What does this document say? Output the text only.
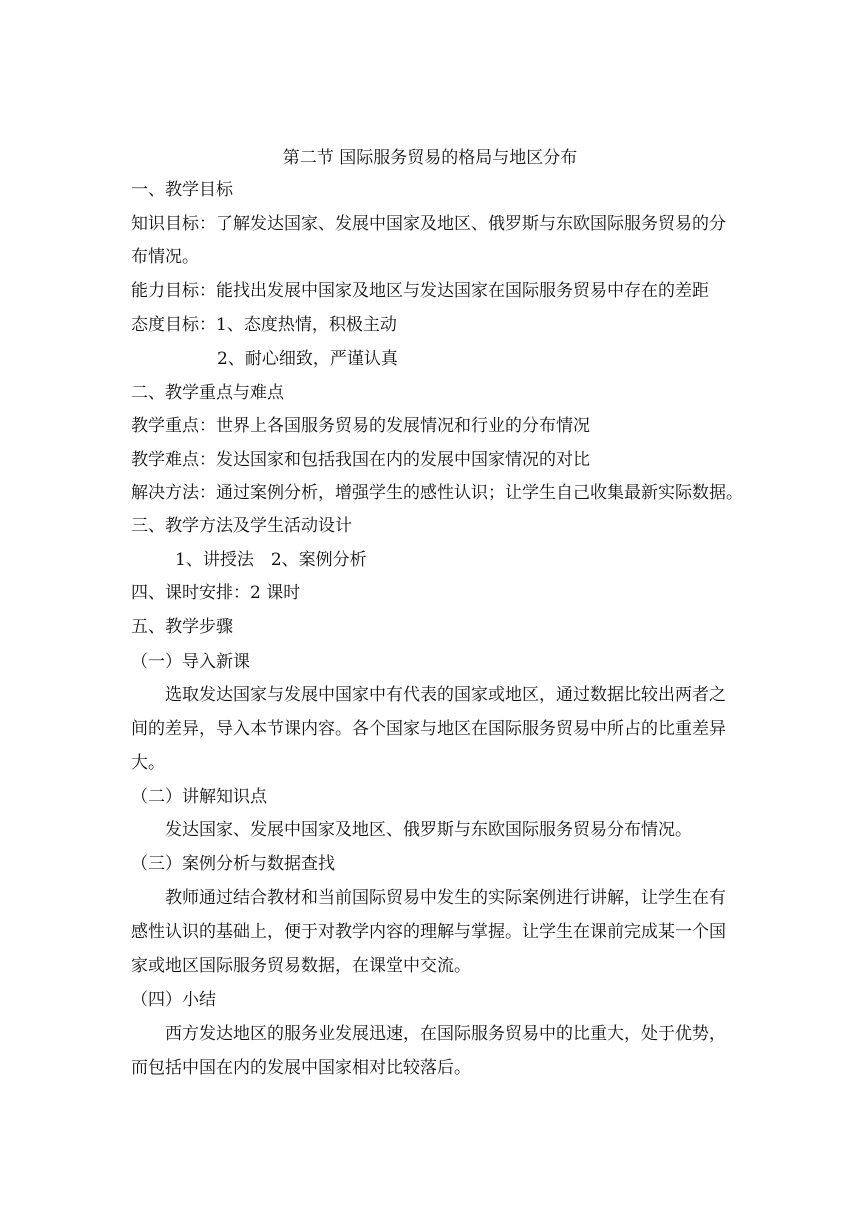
第二节 国际服务贸易的格局与地区分布
一、教学目标
知识目标：了解发达国家、发展中国家及地区、俄罗斯与东欧国际服务贸易的分
布情况。
能力目标：能找出发展中国家及地区与发达国家在国际服务贸易中存在的差距
态度目标：1、态度热情，积极主动
2、耐心细致，严谨认真
二、教学重点与难点
教学重点：世界上各国服务贸易的发展情况和行业的分布情况
教学难点：发达国家和包括我国在内的发展中国家情况的对比
解决方法：通过案例分析，增强学生的感性认识；让学生自己收集最新实际数据。
三、教学方法及学生活动设计
1、讲授法　2、案例分析
四、课时安排：2 课时
五、教学步骤
（一）导入新课
选取发达国家与发展中国家中有代表的国家或地区，通过数据比较出两者之
间的差异，导入本节课内容。各个国家与地区在国际服务贸易中所占的比重差异
大。
（二）讲解知识点
发达国家、发展中国家及地区、俄罗斯与东欧国际服务贸易分布情况。
（三）案例分析与数据查找
教师通过结合教材和当前国际贸易中发生的实际案例进行讲解，让学生在有
感性认识的基础上，便于对教学内容的理解与掌握。让学生在课前完成某一个国
家或地区国际服务贸易数据，在课堂中交流。
（四）小结
西方发达地区的服务业发展迅速，在国际服务贸易中的比重大，处于优势，
而包括中国在内的发展中国家相对比较落后。
